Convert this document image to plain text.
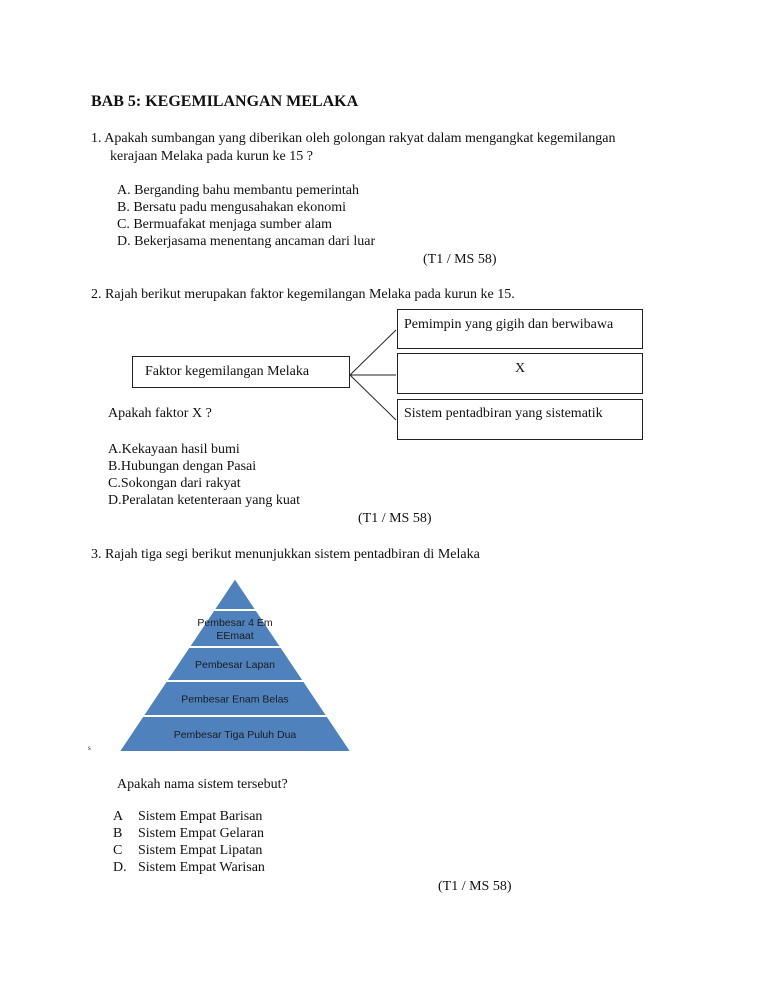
BAB 5: KEGEMILANGAN MELAKA
1. Apakah sumbangan yang diberikan oleh golongan rakyat dalam mengangkat kegemilangan
kerajaan Melaka pada kurun ke 15 ?
A. Berganding bahu membantu pemerintah
B. Bersatu padu mengusahakan ekonomi
C. Bermuafakat menjaga sumber alam
D. Bekerjasama menentang ancaman dari luar
(T1 / MS 58)
2. Rajah berikut merupakan faktor kegemilangan Melaka pada kurun ke 15.
Faktor kegemilangan Melaka
Pemimpin yang gigih dan berwibawa
X
Sistem pentadbiran yang sistematik
Apakah faktor X ?
A.Kekayaan hasil bumi
B.Hubungan dengan Pasai
C.Sokongan dari rakyat
D.Peralatan ketenteraan yang kuat
(T1 / MS 58)
3. Rajah tiga segi berikut menunjukkan sistem pentadbiran di Melaka
Pembesar 4 Em
EEmaat
Pembesar Lapan
Pembesar Enam Belas
Pembesar Tiga Puluh Dua
s
Apakah nama sistem tersebut?
A Sistem Empat Barisan
B Sistem Empat Gelaran
C Sistem Empat Lipatan
D. Sistem Empat Warisan
(T1 / MS 58)
